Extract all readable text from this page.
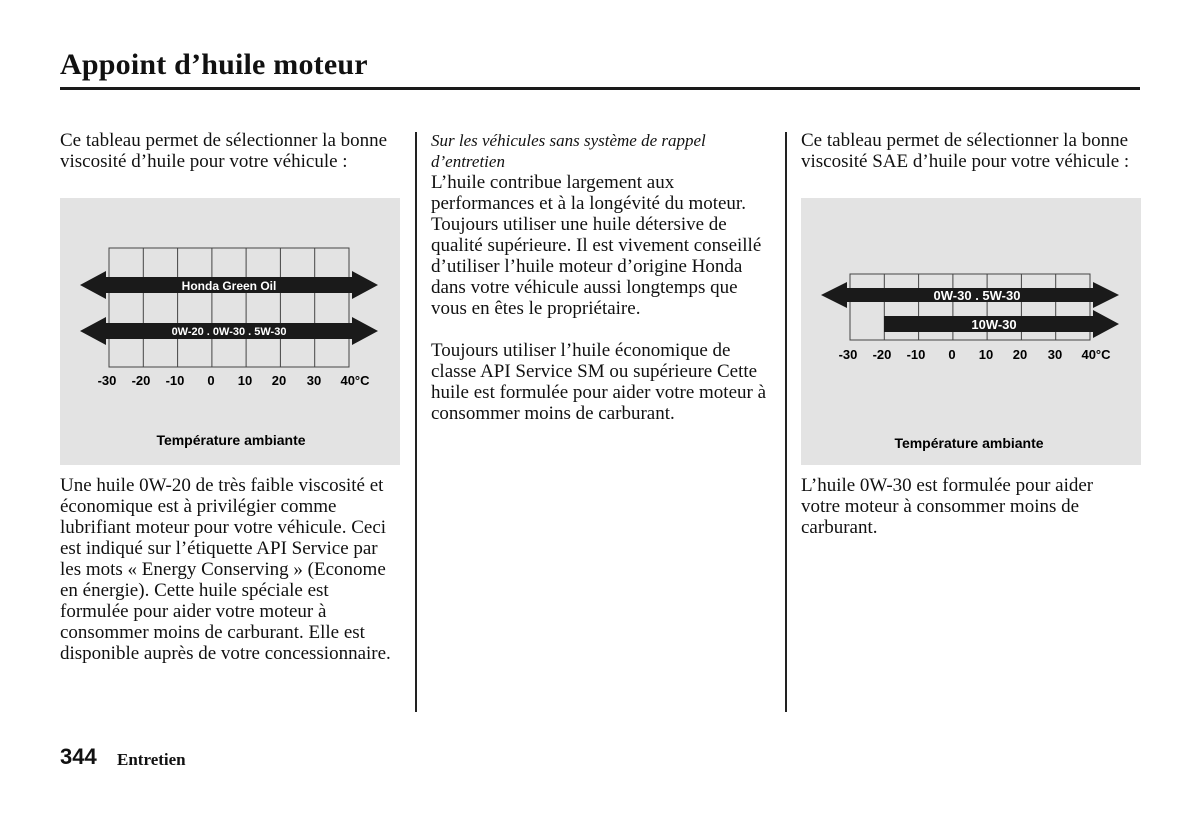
Appoint d’huile moteur

Ce tableau permet de sélectionner la bonne viscosité d’huile pour votre véhicule :

Honda Green Oil
0W-20 . 0W-30 . 5W-30
-30 -20 -10 0 10 20 30 40°C
Température ambiante

Une huile 0W-20 de très faible viscosité et économique est à privilégier comme lubrifiant moteur pour votre véhicule. Ceci est indiqué sur l’étiquette API Service par les mots « Energy Conserving » (Econome en énergie). Cette huile spéciale est formulée pour aider votre moteur à consommer moins de carburant. Elle est disponible auprès de votre concessionnaire.

Sur les véhicules sans système de rappel d’entretien

L’huile contribue largement aux performances et à la longévité du moteur. Toujours utiliser une huile détersive de qualité supérieure. Il est vivement conseillé d’utiliser l’huile moteur d’origine Honda dans votre véhicule aussi longtemps que vous en êtes le propriétaire.

Toujours utiliser l’huile économique de classe API Service SM ou supérieure Cette huile est formulée pour aider votre moteur à consommer moins de carburant.

Ce tableau permet de sélectionner la bonne viscosité SAE d’huile pour votre véhicule :

0W-30 . 5W-30
10W-30
-30 -20 -10 0 10 20 30 40°C
Température ambiante

L’huile 0W-30 est formulée pour aider votre moteur à consommer moins de carburant.

344 Entretien
